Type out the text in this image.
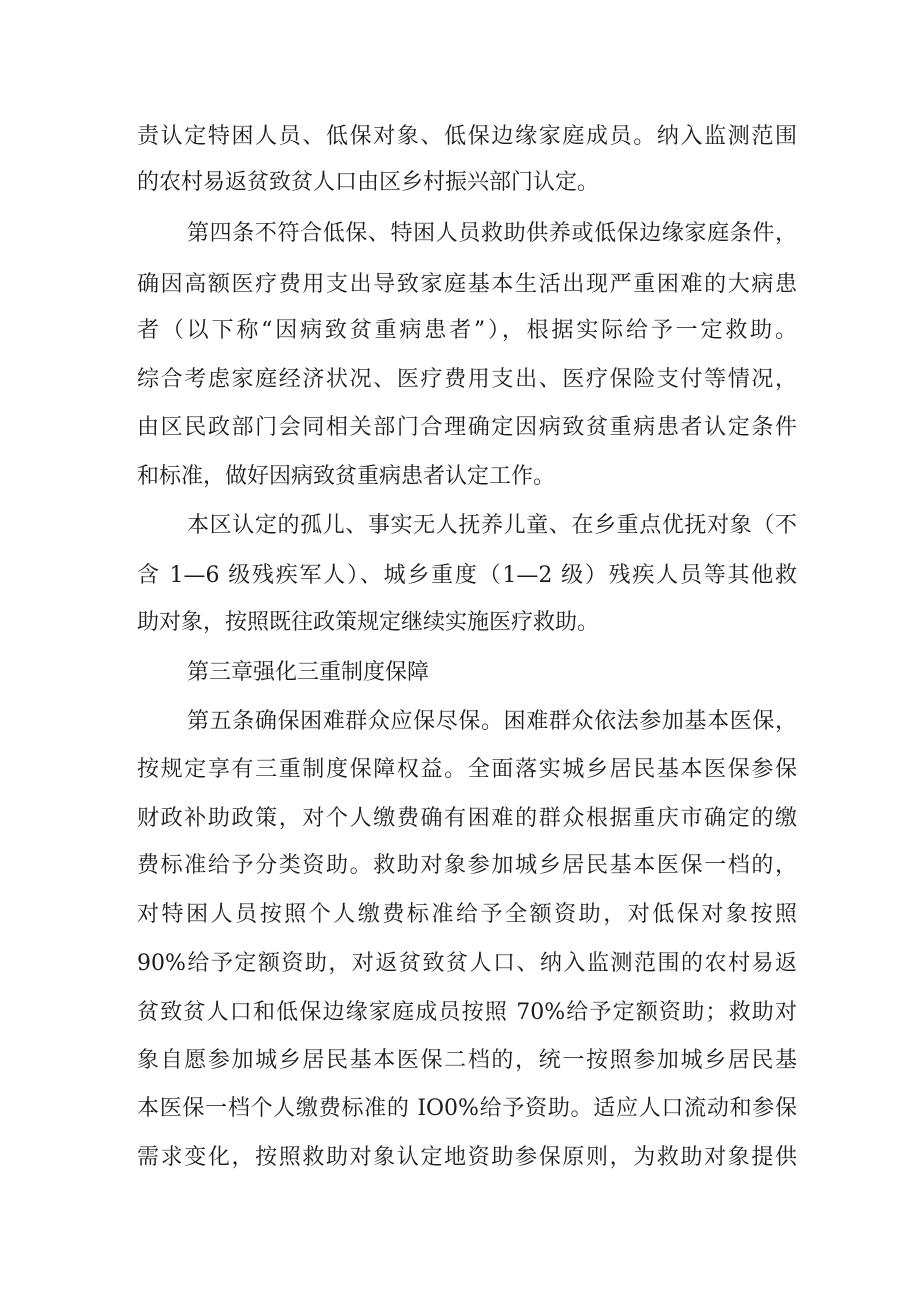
责认定特困人员、低保对象、低保边缘家庭成员。纳入监测范围
的农村易返贫致贫人口由区乡村振兴部门认定。
第四条不符合低保、特困人员救助供养或低保边缘家庭条件，
确因高额医疗费用支出导致家庭基本生活出现严重困难的大病患
者（以下称“因病致贫重病患者”），根据实际给予一定救助。
综合考虑家庭经济状况、医疗费用支出、医疗保险支付等情况，
由区民政部门会同相关部门合理确定因病致贫重病患者认定条件
和标准，做好因病致贫重病患者认定工作。
本区认定的孤儿、事实无人抚养儿童、在乡重点优抚对象（不
含 1—6 级残疾军人）、城乡重度（1—2 级）残疾人员等其他救
助对象，按照既往政策规定继续实施医疗救助。
第三章强化三重制度保障
第五条确保困难群众应保尽保。困难群众依法参加基本医保，
按规定享有三重制度保障权益。全面落实城乡居民基本医保参保
财政补助政策，对个人缴费确有困难的群众根据重庆市确定的缴
费标准给予分类资助。救助对象参加城乡居民基本医保一档的，
对特困人员按照个人缴费标准给予全额资助，对低保对象按照
90%给予定额资助，对返贫致贫人口、纳入监测范围的农村易返
贫致贫人口和低保边缘家庭成员按照 70%给予定额资助；救助对
象自愿参加城乡居民基本医保二档的，统一按照参加城乡居民基
本医保一档个人缴费标准的 IO0%给予资助。适应人口流动和参保
需求变化，按照救助对象认定地资助参保原则，为救助对象提供
